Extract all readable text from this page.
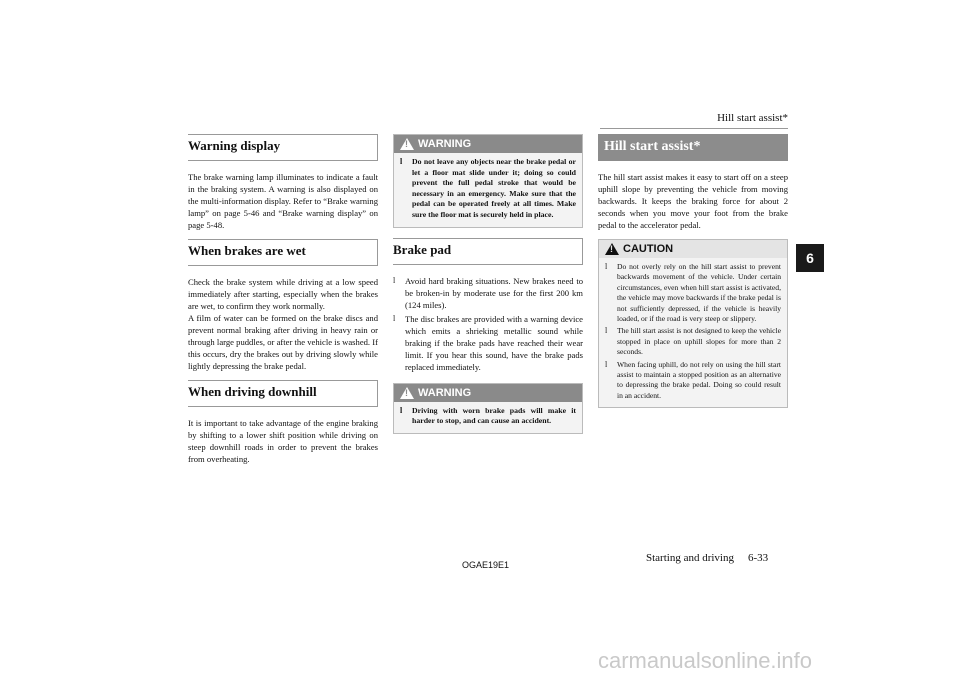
Hill start assist*
6
Warning display

The brake warning lamp illuminates to indicate a fault in the braking system. A warning is also displayed on the multi-information display. Refer to “Brake warning lamp” on page 5-46 and “Brake warning display” on page 5-48.

When brakes are wet

Check the brake system while driving at a low speed immediately after starting, especially when the brakes are wet, to confirm they work normally.

A film of water can be formed on the brake discs and prevent normal braking after driving in heavy rain or through large puddles, or after the vehicle is washed. If this occurs, dry the brakes out by driving slowly while lightly depressing the brake pedal.

When driving downhill

It is important to take advantage of the engine braking by shifting to a lower shift position while driving on steep downhill roads in order to prevent the brakes from overheating.

!
WARNING
l	Do not leave any objects near the brake pedal or let a floor mat slide under it; doing so could prevent the full pedal stroke that would be necessary in an emergency. Make sure that the pedal can be operated freely at all times. Make sure the floor mat is securely held in place.
Brake pad
l	Avoid hard braking situations. New brakes need to be broken-in by moderate use for the first 200 km (124 miles).
l	The disc brakes are provided with a warning device which emits a shrieking metallic sound while braking if the brake pads have reached their wear limit. If you hear this sound, have the brake pads replaced immediately.
!
WARNING
l	Driving with worn brake pads will make it harder to stop, and can cause an accident.
Hill start assist*

The hill start assist makes it easy to start off on a steep uphill slope by preventing the vehicle from moving backwards. It keeps the braking force for about 2 seconds when you move your foot from the brake pedal to the accelerator pedal.

!
CAUTION
l	Do not overly rely on the hill start assist to prevent backwards movement of the vehicle. Under certain circumstances, even when hill start assist is activated, the vehicle may move backwards if the brake pedal is not sufficiently depressed, if the vehicle is heavily loaded, or if the road is very steep or slippery.
l	The hill start assist is not designed to keep the vehicle stopped in place on uphill slopes for more than 2 seconds.
l	When facing uphill, do not rely on using the hill start assist to maintain a stopped position as an alternative to depressing the brake pedal. Doing so could result in an accident.
OGAE19E1
Starting and driving 6-33
carmanualsonline.info
